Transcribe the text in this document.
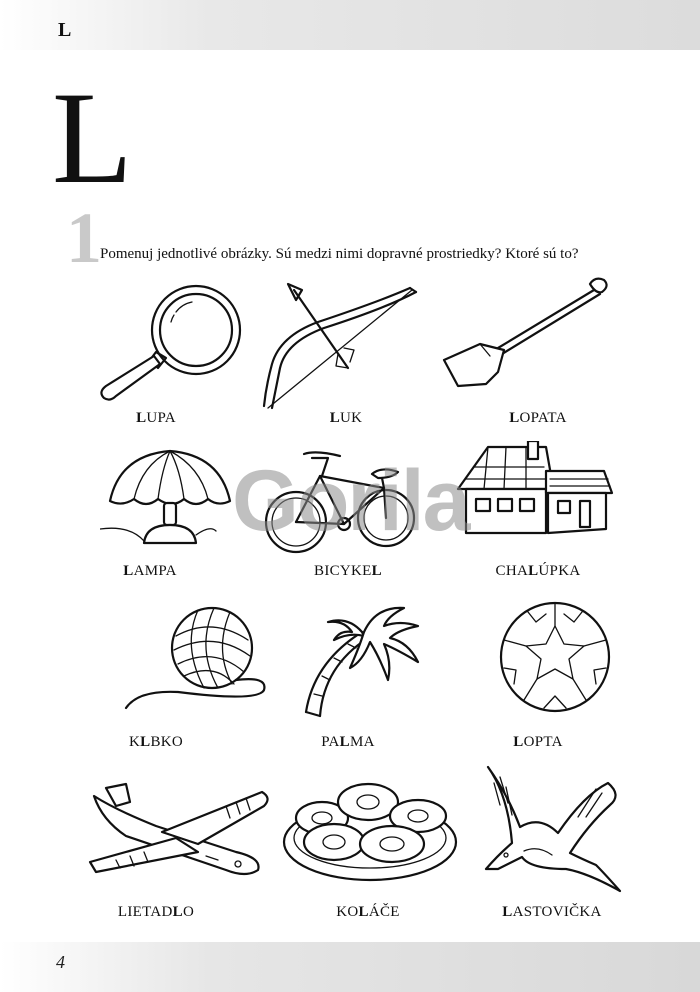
L
L
1
Pomenuj jednotlivé obrázky. Sú medzi nimi dopravné prostriedky? Ktoré sú to?
LUPA	LUK	LOPATA
LAMPA	BICYKEL	CHALÚPKA
Gorila
KLBKO	PALMA	LOPTA
LIETADLO	KOLÁČE	LASTOVIČKA
4
